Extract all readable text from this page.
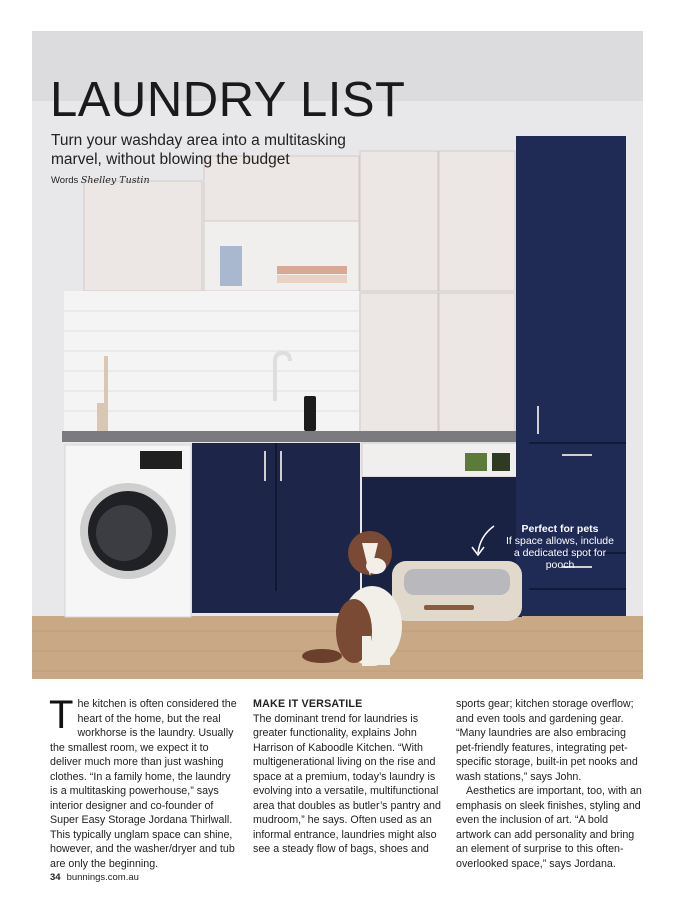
Perfect for pets
If space allows, include a dedicated spot for pooch
LAUNDRY LIST
Turn your washday area into a multitasking marvel, without blowing the budget
Words Shelley Tustin

The kitchen is often considered the heart of the home, but the real workhorse is the laundry. Usually the smallest room, we expect it to deliver much more than just washing clothes. “In a family home, the laundry is a multitasking powerhouse,” says interior designer and co-founder of Super Easy Storage Jordana Thirlwall. This typically unglam space can shine, however, and the washer/dryer and tub are only the beginning.

MAKE IT VERSATILE

The dominant trend for laundries is greater functionality, explains John Harrison of Kaboodle Kitchen. “With multigenerational living on the rise and space at a premium, today’s laundry is evolving into a versatile, multifunctional area that doubles as butler’s pantry and mudroom,” he says. Often used as an informal entrance, laundries might also see a steady flow of bags, shoes and

sports gear; kitchen storage overflow; and even tools and gardening gear. “Many laundries are also embracing pet-friendly features, integrating pet-specific storage, built-in pet nooks and wash stations,” says John.

Aesthetics are important, too, with an emphasis on sleek finishes, styling and even the inclusion of art. “A bold artwork can add personality and bring an element of surprise to this often-overlooked space,” says Jordana.

34 bunnings.com.au
